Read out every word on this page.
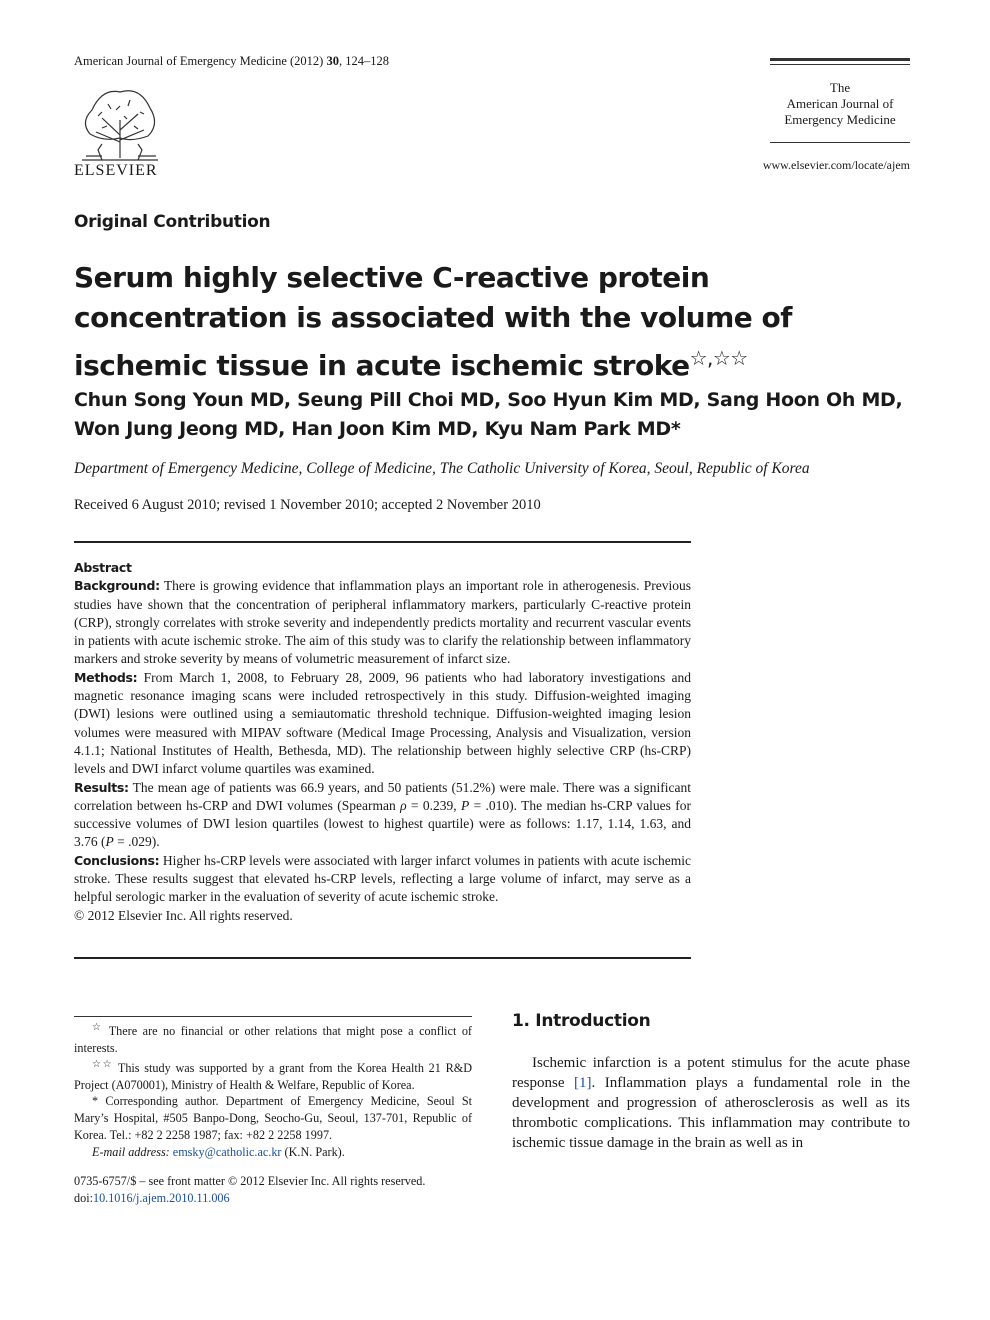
American Journal of Emergency Medicine (2012) 30, 124–128
ELSEVIER
The
American Journal of
Emergency Medicine
www.elsevier.com/locate/ajem
Original Contribution
Serum highly selective C-reactive protein concentration is associated with the volume of ischemic tissue in acute ischemic stroke☆,☆☆
Chun Song Youn MD, Seung Pill Choi MD, Soo Hyun Kim MD, Sang Hoon Oh MD,
Won Jung Jeong MD, Han Joon Kim MD, Kyu Nam Park MD*
Department of Emergency Medicine, College of Medicine, The Catholic University of Korea, Seoul, Republic of Korea
Received 6 August 2010; revised 1 November 2010; accepted 2 November 2010

Abstract

Background: There is growing evidence that inflammation plays an important role in atherogenesis. Previous studies have shown that the concentration of peripheral inflammatory markers, particularly C-reactive protein (CRP), strongly correlates with stroke severity and independently predicts mortality and recurrent vascular events in patients with acute ischemic stroke. The aim of this study was to clarify the relationship between inflammatory markers and stroke severity by means of volumetric measurement of infarct size.

Methods: From March 1, 2008, to February 28, 2009, 96 patients who had laboratory investigations and magnetic resonance imaging scans were included retrospectively in this study. Diffusion-weighted imaging (DWI) lesions were outlined using a semiautomatic threshold technique. Diffusion-weighted imaging lesion volumes were measured with MIPAV software (Medical Image Processing, Analysis and Visualization, version 4.1.1; National Institutes of Health, Bethesda, MD). The relationship between highly selective CRP (hs-CRP) levels and DWI infarct volume quartiles was examined.

Results: The mean age of patients was 66.9 years, and 50 patients (51.2%) were male. There was a significant correlation between hs-CRP and DWI volumes (Spearman ρ = 0.239, P = .010). The median hs-CRP values for successive volumes of DWI lesion quartiles (lowest to highest quartile) were as follows: 1.17, 1.14, 1.63, and 3.76 (P = .029).

Conclusions: Higher hs-CRP levels were associated with larger infarct volumes in patients with acute ischemic stroke. These results suggest that elevated hs-CRP levels, reflecting a large volume of infarct, may serve as a helpful serologic marker in the evaluation of severity of acute ischemic stroke.

© 2012 Elsevier Inc. All rights reserved.

☆ There are no financial or other relations that might pose a conflict of interests.

☆☆ This study was supported by a grant from the Korea Health 21 R&D Project (A070001), Ministry of Health & Welfare, Republic of Korea.

* Corresponding author. Department of Emergency Medicine, Seoul St Mary’s Hospital, #505 Banpo-Dong, Seocho-Gu, Seoul, 137-701, Republic of Korea. Tel.: +82 2 2258 1987; fax: +82 2 2258 1997.

E-mail address: emsky@catholic.ac.kr (K.N. Park).

0735-6757/$ – see front matter © 2012 Elsevier Inc. All rights reserved.
doi:10.1016/j.ajem.2010.11.006
1. Introduction
Ischemic infarction is a potent stimulus for the acute phase response [1]. Inflammation plays a fundamental role in the development and progression of atherosclerosis as well as its thrombotic complications. This inflammation may contribute to ischemic tissue damage in the brain as well as in
